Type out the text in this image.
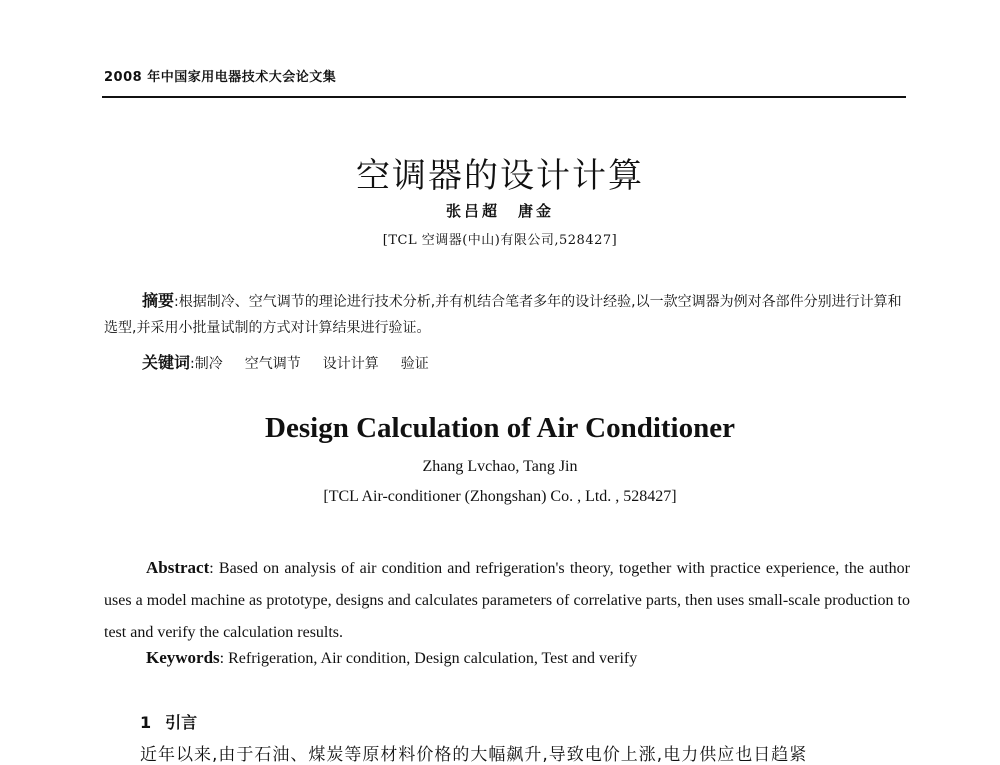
2008 年中国家用电器技术大会论文集
空调器的设计计算
张吕超　唐金
[TCL 空调器(中山)有限公司,528427]
摘要:根据制冷、空气调节的理论进行技术分析,并有机结合笔者多年的设计经验,以一款空调器为例对各部件分别进行计算和选型,并采用小批量试制的方式对计算结果进行验证。
关键词:制冷 空气调节 设计计算 验证
Design Calculation of Air Conditioner
Zhang Lvchao, Tang Jin
[TCL Air-conditioner (Zhongshan) Co. , Ltd. , 528427]
Abstract: Based on analysis of air condition and refrigeration's theory, together with practice experience, the author uses a model machine as prototype, designs and calculates parameters of correlative parts, then uses small-scale production to test and verify the calculation results.
Keywords: Refrigeration, Air condition, Design calculation, Test and verify
1 引言
近年以来,由于石油、煤炭等原材料价格的大幅飙升,导致电价上涨,电力供应也日趋紧
